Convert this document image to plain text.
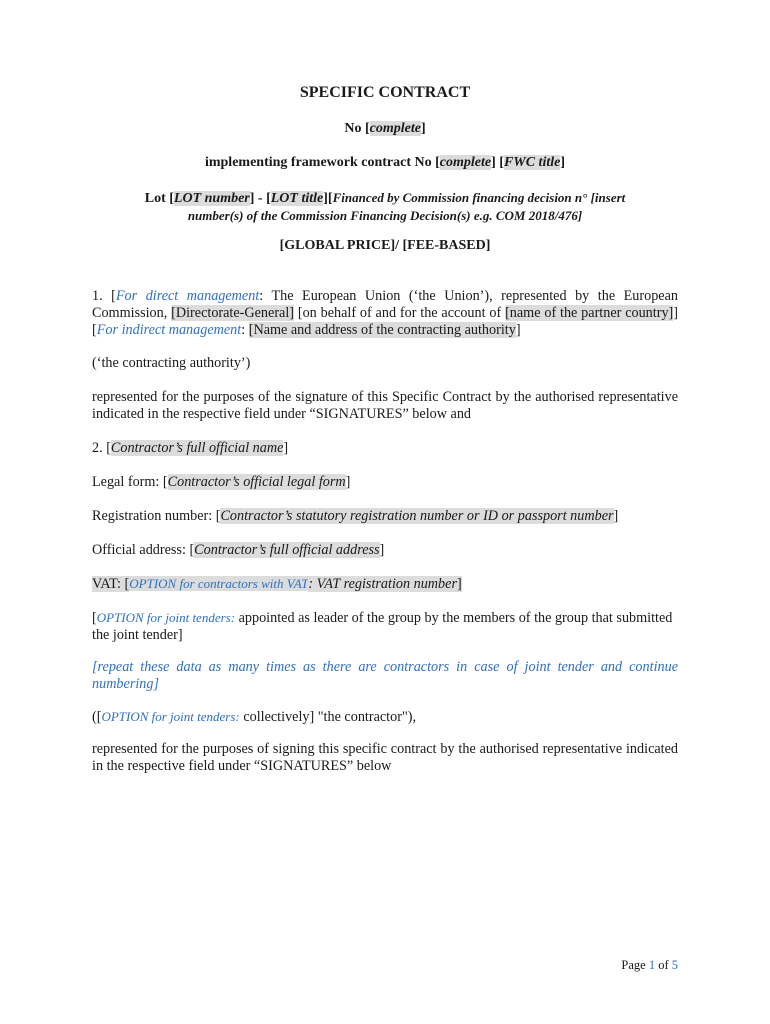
SPECIFIC CONTRACT
No [complete]
implementing framework contract No [complete] [FWC title]
Lot [LOT number] - [LOT title][Financed by Commission financing decision n° [insert
number(s) of the Commission Financing Decision(s) e.g. COM 2018/476]
[GLOBAL PRICE]/ [FEE-BASED]
1. [For direct management: The European Union (‘the Union’), represented by the European Commission, [Directorate-General] [on behalf of and for the account of [name of the partner country]] [For indirect management: [Name and address of the contracting authority]
(‘the contracting authority’)
represented for the purposes of the signature of this Specific Contract by the authorised representative indicated in the respective field under “SIGNATURES” below and
2. [Contractor’s full official name]
Legal form: [Contractor’s official legal form]
Registration number: [Contractor’s statutory registration number or ID or passport number]
Official address: [Contractor’s full official address]
VAT: [OPTION for contractors with VAT: VAT registration number]
[OPTION for joint tenders: appointed as leader of the group by the members of the group that submitted the joint tender]
[repeat these data as many times as there are contractors in case of joint tender and continue numbering]
([OPTION for joint tenders: collectively] "the contractor"),
represented for the purposes of signing this specific contract by the authorised representative indicated in the respective field under “SIGNATURES” below
Page 1 of 5
